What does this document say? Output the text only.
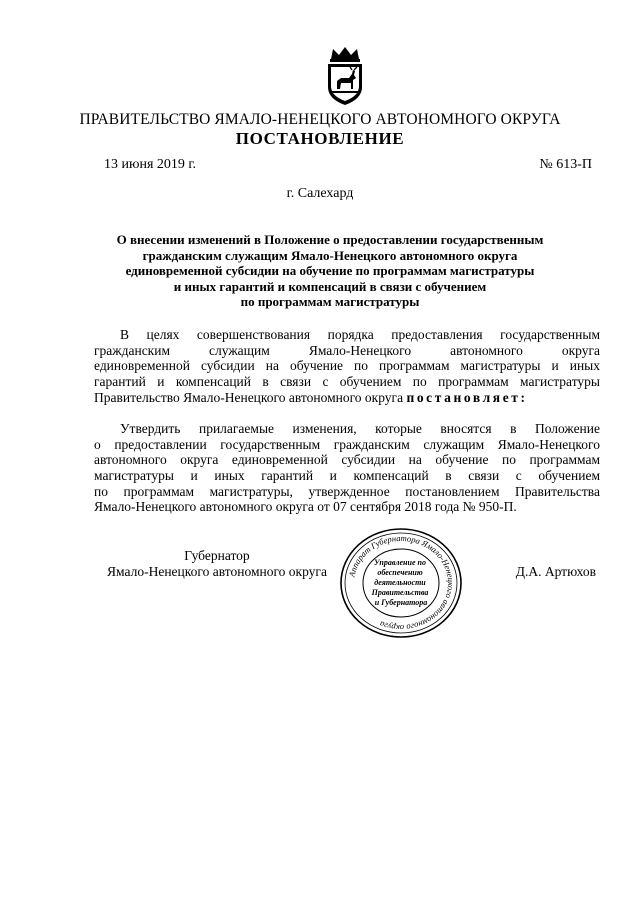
ПРАВИТЕЛЬСТВО ЯМАЛО-НЕНЕЦКОГО АВТОНОМНОГО ОКРУГА
ПОСТАНОВЛЕНИЕ
13 июня 2019 г.	№ 613-П
г. Салехард
О внесении изменений в Положение о предоставлении государственным
гражданским служащим Ямало-Ненецкого автономного округа
единовременной субсидии на обучение по программам магистратуры
и иных гарантий и компенсаций в связи с обучением
по программам магистратуры
В целях совершенствования порядка предоставления государственным
гражданским служащим Ямало-Ненецкого автономного округа
единовременной субсидии на обучение по программам магистратуры и иных
гарантий и компенсаций в связи с обучением по программам магистратуры
Правительство Ямало-Ненецкого автономного округа постановляет:
Утвердить прилагаемые изменения, которые вносятся в Положение
о предоставлении государственным гражданским служащим Ямало-Ненецкого
автономного округа единовременной субсидии на обучение по программам
магистратуры и иных гарантий и компенсаций в связи с обучением
по программам магистратуры, утвержденное постановлением Правительства
Ямало-Ненецкого автономного округа от 07 сентября 2018 года № 950-П.
Губернатор
Ямало-Ненецкого автономного округа	Д.А. Артюхов
Аппарат Губернатора Ямало-Ненецкого автономного округа
Управление по обеспечению деятельности Правительства и Губернатора
